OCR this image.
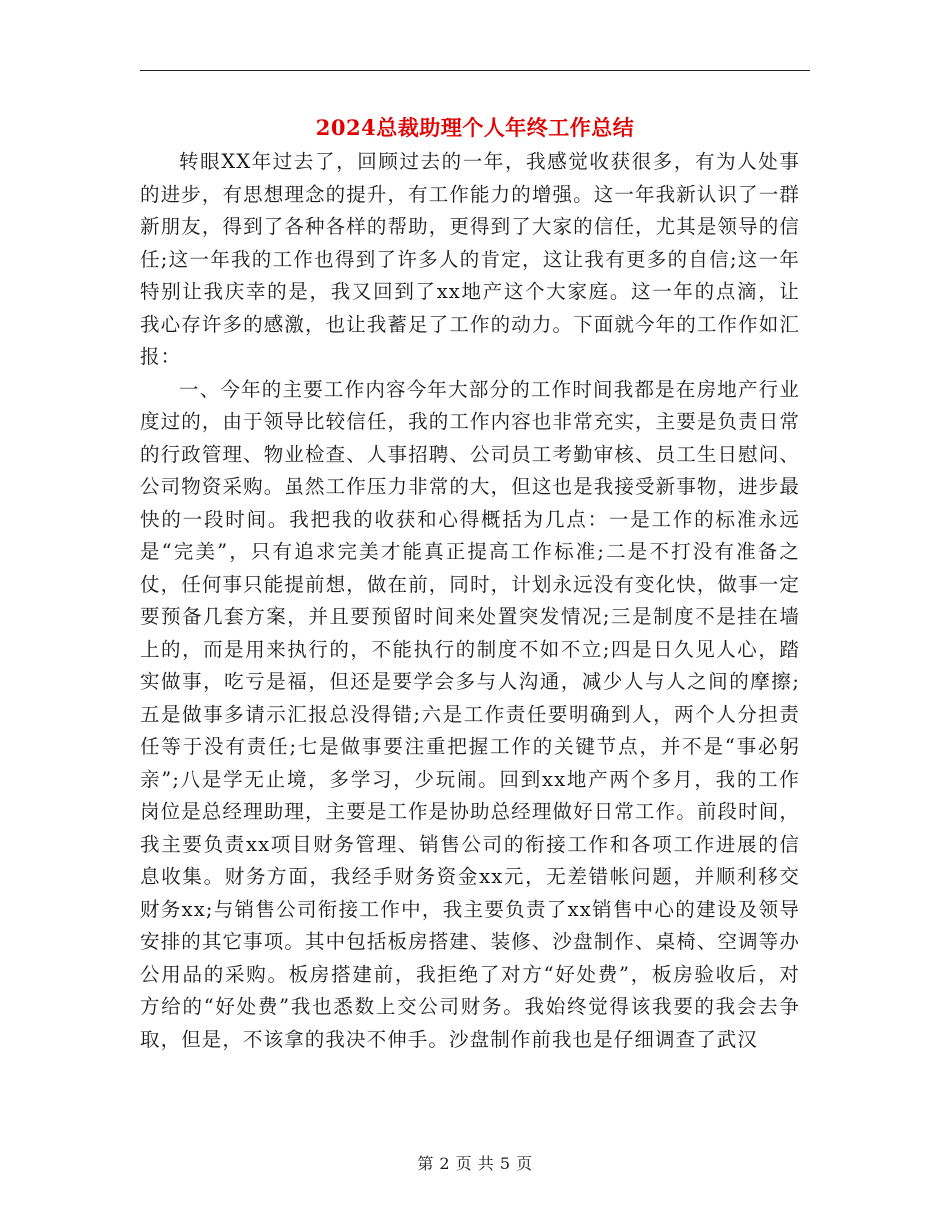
2024总裁助理个人年终工作总结

转眼XX年过去了，回顾过去的一年，我感觉收获很多，有为人处事的进步，有思想理念的提升，有工作能力的增强。这一年我新认识了一群新朋友，得到了各种各样的帮助，更得到了大家的信任，尤其是领导的信任;这一年我的工作也得到了许多人的肯定，这让我有更多的自信;这一年特别让我庆幸的是，我又回到了xx地产这个大家庭。这一年的点滴，让我心存许多的感激，也让我蓄足了工作的动力。下面就今年的工作作如汇报：

一、今年的主要工作内容今年大部分的工作时间我都是在房地产行业度过的，由于领导比较信任，我的工作内容也非常充实，主要是负责日常的行政管理、物业检查、人事招聘、公司员工考勤审核、员工生日慰问、公司物资采购。虽然工作压力非常的大，但这也是我接受新事物，进步最快的一段时间。我把我的收获和心得概括为几点：一是工作的标准永远是“完美”，只有追求完美才能真正提高工作标准;二是不打没有准备之仗，任何事只能提前想，做在前，同时，计划永远没有变化快，做事一定要预备几套方案，并且要预留时间来处置突发情况;三是制度不是挂在墙上的，而是用来执行的，不能执行的制度不如不立;四是日久见人心，踏实做事，吃亏是福，但还是要学会多与人沟通，减少人与人之间的摩擦;五是做事多请示汇报总没得错;六是工作责任要明确到人，两个人分担责任等于没有责任;七是做事要注重把握工作的关键节点，并不是“事必躬亲”;八是学无止境，多学习，少玩闹。回到xx地产两个多月，我的工作岗位是总经理助理，主要是工作是协助总经理做好日常工作。前段时间，我主要负责xx项目财务管理、销售公司的衔接工作和各项工作进展的信息收集。财务方面，我经手财务资金xx元，无差错帐问题，并顺利移交财务xx;与销售公司衔接工作中，我主要负责了xx销售中心的建设及领导安排的其它事项。其中包括板房搭建、装修、沙盘制作、桌椅、空调等办公用品的采购。板房搭建前，我拒绝了对方“好处费”，板房验收后，对方给的“好处费”我也悉数上交公司财务。我始终觉得该我要的我会去争取，但是，不该拿的我决不伸手。沙盘制作前我也是仔细调查了武汉

第 2 页 共 5 页
